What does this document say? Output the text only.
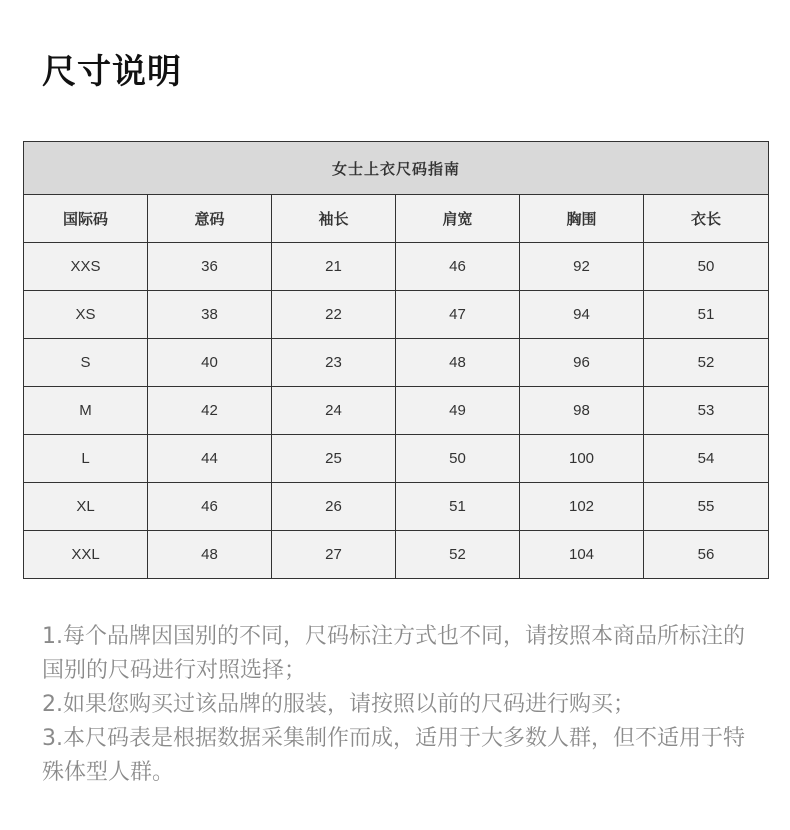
尺寸说明
女士上衣尺码指南					
国际码	意码	袖长	肩宽	胸围	衣长
XXS	36	21	46	92	50
XS	38	22	47	94	51
S	40	23	48	96	52
M	42	24	49	98	53
L	44	25	50	100	54
XL	46	26	51	102	55
XXL	48	27	52	104	56

1.每个品牌因国别的不同，尺码标注方式也不同，请按照本商品所标注的国别的尺码进行对照选择；

2.如果您购买过该品牌的服装，请按照以前的尺码进行购买；

3.本尺码表是根据数据采集制作而成，适用于大多数人群，但不适用于特殊体型人群。
